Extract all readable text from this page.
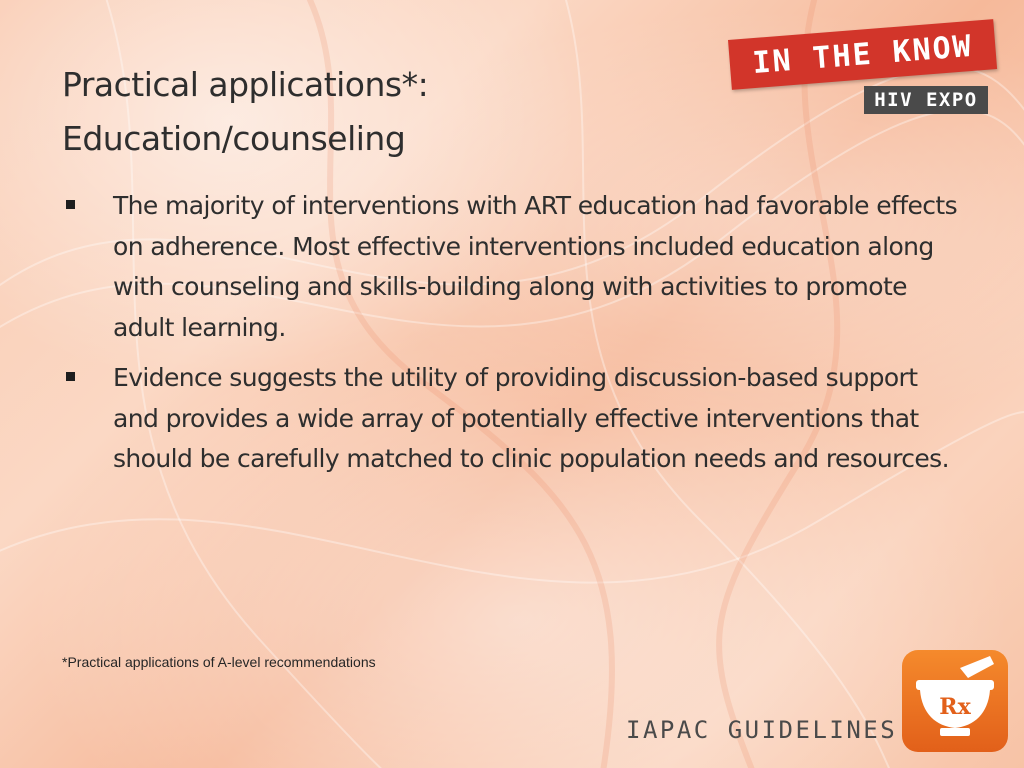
Practical applications*:
Education/counseling
The majority of interventions with ART education had favorable effects on adherence. Most effective interventions included education along with counseling and skills-building along with activities to promote adult learning.
Evidence suggests the utility of providing discussion-based support and provides a wide array of potentially effective interventions that should be carefully matched to clinic population needs and resources.
*Practical applications of A-level recommendations
IN THE KNOW
HIV EXPO
IAPAC GUIDELINES
Rx
